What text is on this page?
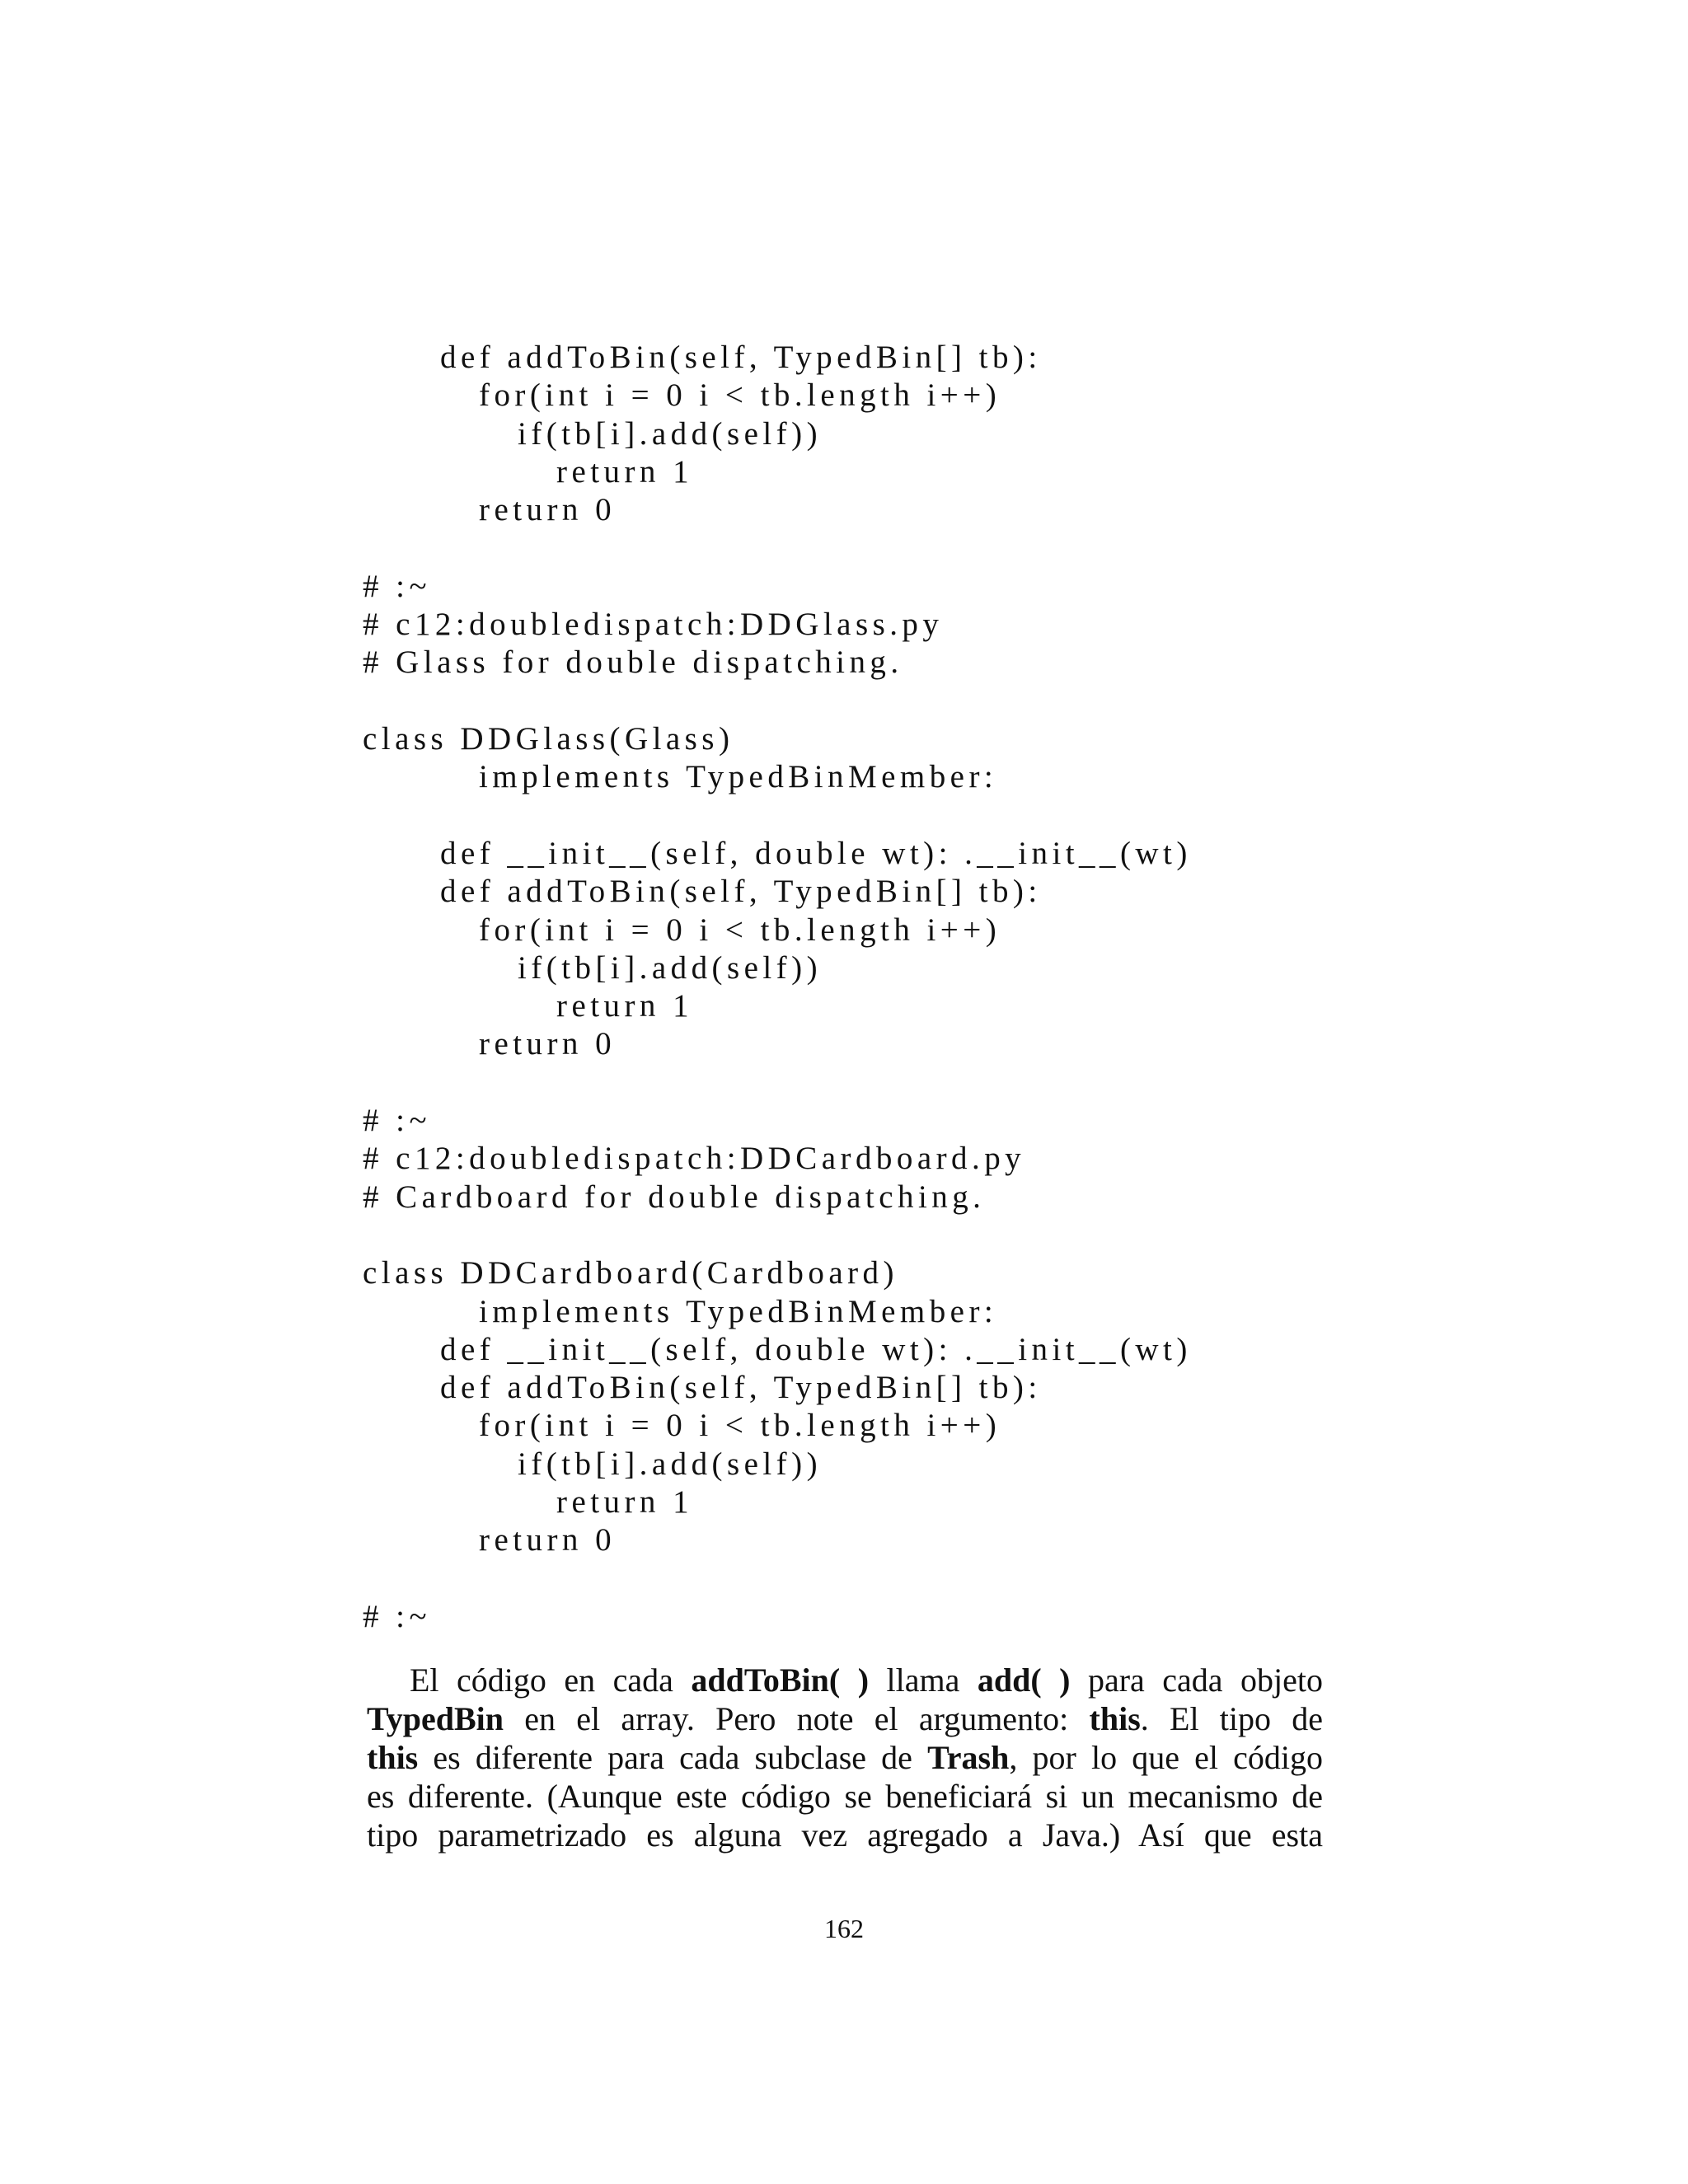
def addToBin(self, TypedBin[] tb):
for(int i = 0 i < tb.length i++)
if(tb[i].add(self))
return 1
return 0
# :~
# c12:doubledispatch:DDGlass.py
# Glass for double dispatching.
class DDGlass(Glass)
implements TypedBinMember:
def __init__(self, double wt): .__init__(wt)
def addToBin(self, TypedBin[] tb):
for(int i = 0 i < tb.length i++)
if(tb[i].add(self))
return 1
return 0
# :~
# c12:doubledispatch:DDCardboard.py
# Cardboard for double dispatching.
class DDCardboard(Cardboard)
implements TypedBinMember:
def __init__(self, double wt): .__init__(wt)
def addToBin(self, TypedBin[] tb):
for(int i = 0 i < tb.length i++)
if(tb[i].add(self))
return 1
return 0
# :~
El código en cada addToBin( ) llama add( ) para cada objeto
TypedBin en el array. Pero note el argumento: this. El tipo de
this es diferente para cada subclase de Trash, por lo que el código
es diferente. (Aunque este código se beneficiará si un mecanismo de
tipo parametrizado es alguna vez agregado a Java.) Así que esta
162
